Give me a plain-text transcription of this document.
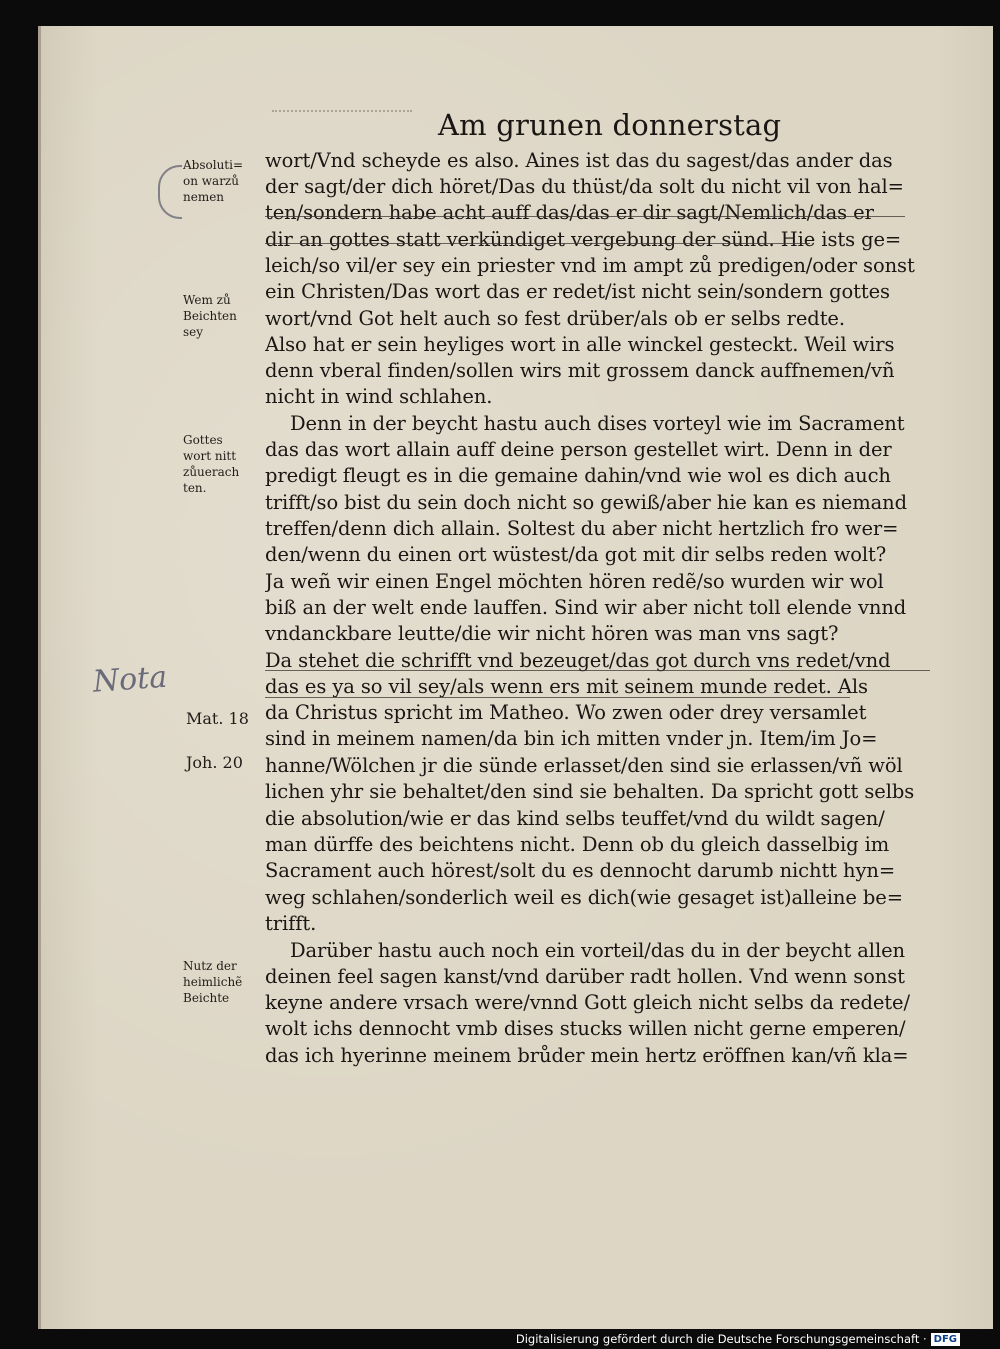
Am grunen donnerstag
Nota
wort/Vnd scheyde es also. Aines ist das du sagest/das ander das
der sagt/der dich höret/Das du thüst/da solt du nicht vil von hal=
ten/sondern habe acht auff das/das er dir sagt/Nemlich/das er
dir an gottes statt verkündiget vergebung der sünd. Hie ists ge=
leich/so vil/er sey ein priester vnd im ampt zů predigen/oder sonst
ein Christen/Das wort das er redet/ist nicht sein/sondern gottes
wort/vnd Got helt auch so fest drüber/als ob er selbs redte.
Also hat er sein heyliges wort in alle winckel gesteckt. Weil wirs
denn vberal finden/sollen wirs mit grossem danck auffnemen/vñ
nicht in wind schlahen.
Denn in der beycht hastu auch dises vorteyl wie im Sacrament
das das wort allain auff deine person gestellet wirt. Denn in der
predigt fleugt es in die gemaine dahin/vnd wie wol es dich auch
trifft/so bist du sein doch nicht so gewiß/aber hie kan es niemand
treffen/denn dich allain. Soltest du aber nicht hertzlich fro wer=
den/wenn du einen ort wüstest/da got mit dir selbs reden wolt?
Ja weñ wir einen Engel möchten hören redẽ/so wurden wir wol
biß an der welt ende lauffen. Sind wir aber nicht toll elende vnnd
vndanckbare leutte/die wir nicht hören was man vns sagt?
Da stehet die schrifft vnd bezeuget/das got durch vns redet/vnd
das es ya so vil sey/als wenn ers mit seinem munde redet. Als
da Christus spricht im Matheo. Wo zwen oder drey versamlet
sind in meinem namen/da bin ich mitten vnder jn. Item/im Jo=
hanne/Wölchen jr die sünde erlasset/den sind sie erlassen/vñ wöl
lichen yhr sie behaltet/den sind sie behalten. Da spricht gott selbs
die absolution/wie er das kind selbs teuffet/vnd du wildt sagen/
man dürffe des beichtens nicht. Denn ob du gleich dasselbig im
Sacrament auch hörest/solt du es dennocht darumb nichtt hyn=
weg schlahen/sonderlich weil es dich(wie gesaget ist)alleine be=
trifft.
Darüber hastu auch noch ein vorteil/das du in der beycht allen
deinen feel sagen kanst/vnd darüber radt hollen. Vnd wenn sonst
keyne andere vrsach were/vnnd Gott gleich nicht selbs da redete/
wolt ichs dennocht vmb dises stucks willen nicht gerne emperen/
das ich hyerinne meinem brůder mein hertz eröffnen kan/vñ kla=
Absoluti=
on warzů
nemen
Wem zů
Beichten
sey
Gottes
wort nitt
zůuerach
ten.
Nutz der
heimlichẽ
Beichte
Mat. 18
Joh. 20
Digitalisierung gefördert durch die Deutsche Forschungsgemeinschaft · DFG
